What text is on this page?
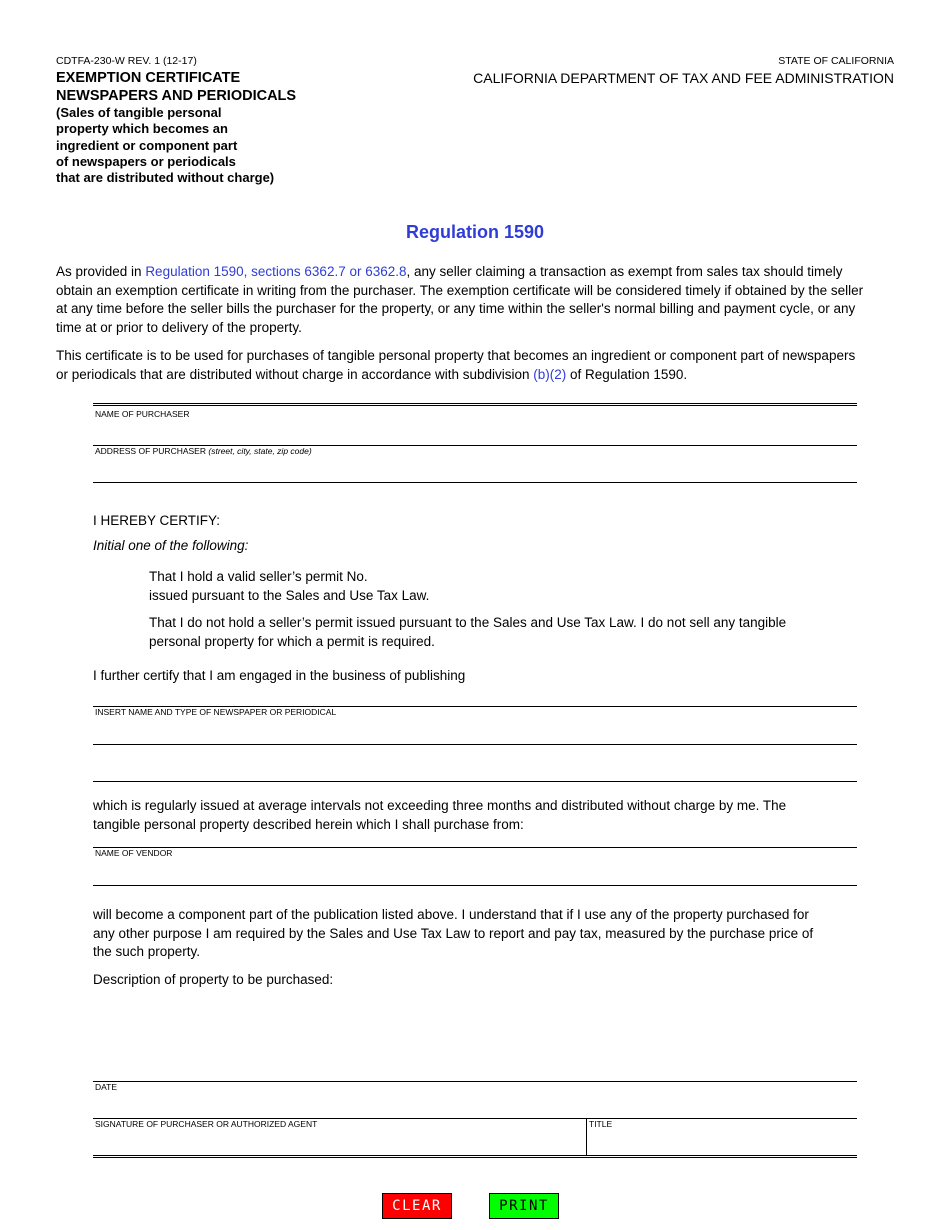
CDTFA-230-W REV. 1 (12-17)
EXEMPTION CERTIFICATE
NEWSPAPERS AND PERIODICALS
(Sales of tangible personal
property which becomes an
ingredient or component part
of newspapers or periodicals
that are distributed without charge)
STATE OF CALIFORNIA
CALIFORNIA DEPARTMENT OF TAX AND FEE ADMINISTRATION
Regulation 1590
As provided in Regulation 1590, sections 6362.7 or 6362.8, any seller claiming a transaction as exempt from sales tax should timely
obtain an exemption certificate in writing from the purchaser. The exemption certificate will be considered timely if obtained by the seller
at any time before the seller bills the purchaser for the property, or any time within the seller's normal billing and payment cycle, or any
time at or prior to delivery of the property.
This certificate is to be used for purchases of tangible personal property that becomes an ingredient or component part of newspapers
or periodicals that are distributed without charge in accordance with subdivision (b)(2) of Regulation 1590.
NAME OF PURCHASER
ADDRESS OF PURCHASER (street, city, state, zip code)
I HEREBY CERTIFY:
Initial one of the following:
That I hold a valid seller’s permit No.
issued pursuant to the Sales and Use Tax Law.
That I do not hold a seller’s permit issued pursuant to the Sales and Use Tax Law. I do not sell any tangible
personal property for which a permit is required.
I further certify that I am engaged in the business of publishing
INSERT NAME AND TYPE OF NEWSPAPER OR PERIODICAL
which is regularly issued at average intervals not exceeding three months and distributed without charge by me. The
tangible personal property described herein which I shall purchase from:
NAME OF VENDOR
will become a component part of the publication listed above. I understand that if I use any of the property purchased for
any other purpose I am required by the Sales and Use Tax Law to report and pay tax, measured by the purchase price of
the such property.
Description of property to be purchased:
DATE
SIGNATURE OF PURCHASER OR AUTHORIZED AGENT	TITLE
CLEAR	PRINT
